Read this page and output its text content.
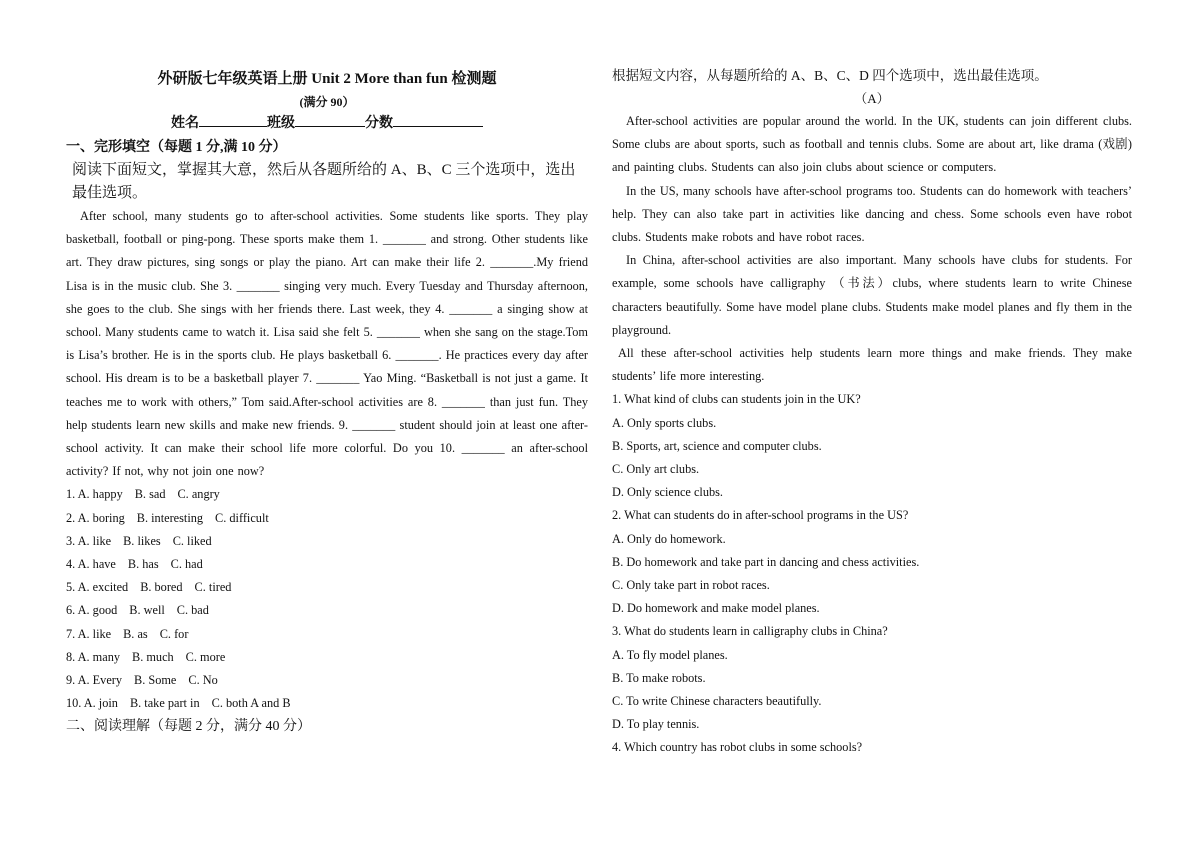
外研版七年级英语上册 Unit 2 More than fun 检测题
(满分 90）
姓名	班级	分数
一、完形填空（每题 1 分,满 10 分）
阅读下面短文，掌握其大意，然后从各题所给的 A、B、C 三个选项中，选出最佳选项。

After school, many students go to after-school activities. Some students like sports. They play basketball, football or ping-pong. These sports make them 1. _______ and strong. Other students like art. They draw pictures, sing songs or play the piano. Art can make their life 2. _______.My friend Lisa is in the music club. She 3. _______ singing very much. Every Tuesday and Thursday afternoon, she goes to the club. She sings with her friends there. Last week, they 4. _______ a singing show at school. Many students came to watch it. Lisa said she felt 5. _______ when she sang on the stage.Tom is Lisa’s brother. He is in the sports club. He plays basketball 6. _______. He practices every day after school. His dream is to be a basketball player 7. _______ Yao Ming. “Basketball is not just a game. It teaches me to work with others,” Tom said.After-school activities are 8. _______ than just fun. They help students learn new skills and make new friends. 9. _______ student should join at least one after-school activity. It can make their school life more colorful. Do you 10. _______ an after-school activity? If not, why not join one now?

1. A. happy B. sad C. angry
2. A. boring B. interesting C. difficult
3. A. like B. likes C. liked
4. A. have B. has C. had
5. A. excited B. bored C. tired
6. A. good B. well C. bad
7. A. like B. as C. for
8. A. many B. much C. more
9. A. Every B. Some C. No
10. A. join B. take part in C. both A and B
二、阅读理解（每题 2 分，满分 40 分）
根据短文内容，从每题所给的 A、B、C、D 四个选项中，选出最佳选项。
（A）

After-school activities are popular around the world. In the UK, students can join different clubs. Some clubs are about sports, such as football and tennis clubs. Some are about art, like drama (戏剧) and painting clubs. Students can also join clubs about science or computers.

In the US, many schools have after-school programs too. Students can do homework with teachers’ help. They can also take part in activities like dancing and chess. Some schools even have robot clubs. Students make robots and have robot races.

In China, after-school activities are also important. Many schools have clubs for students. For example, some schools have calligraphy （书法）clubs, where students learn to write Chinese characters beautifully. Some have model plane clubs. Students make model planes and fly them in the playground.

All these after-school activities help students learn more things and make friends. They make students’ life more interesting.

1. What kind of clubs can students join in the UK?
A. Only sports clubs.
B. Sports, art, science and computer clubs.
C. Only art clubs.
D. Only science clubs.
2. What can students do in after-school programs in the US?
A. Only do homework.
B. Do homework and take part in dancing and chess activities.
C. Only take part in robot races.
D. Do homework and make model planes.
3. What do students learn in calligraphy clubs in China?
A. To fly model planes.
B. To make robots.
C. To write Chinese characters beautifully.
D. To play tennis.
4. Which country has robot clubs in some schools?
